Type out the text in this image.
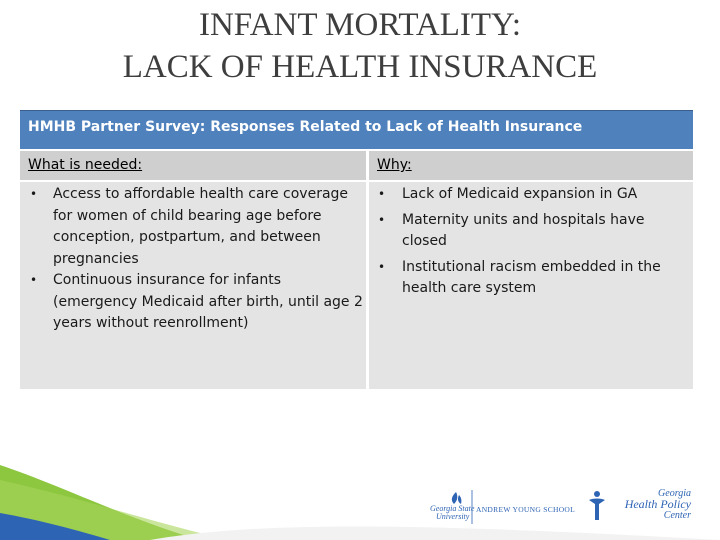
INFANT MORTALITY:
LACK OF HEALTH INSURANCE
HMHB Partner Survey: Responses Related to Lack of Health Insurance
What is needed:	Why:
• Access to affordable health care coverage for women of child bearing age before conception, postpartum, and between pregnancies
• Continuous insurance for infants (emergency Medicaid after birth, until age 2 years without reenrollment)
• Lack of Medicaid expansion in GA
• Maternity units and hospitals have closed
• Institutional racism embedded in the health care system
Georgia State
University
ANDREW YOUNG SCHOOL
Georgia
Health Policy
Center
